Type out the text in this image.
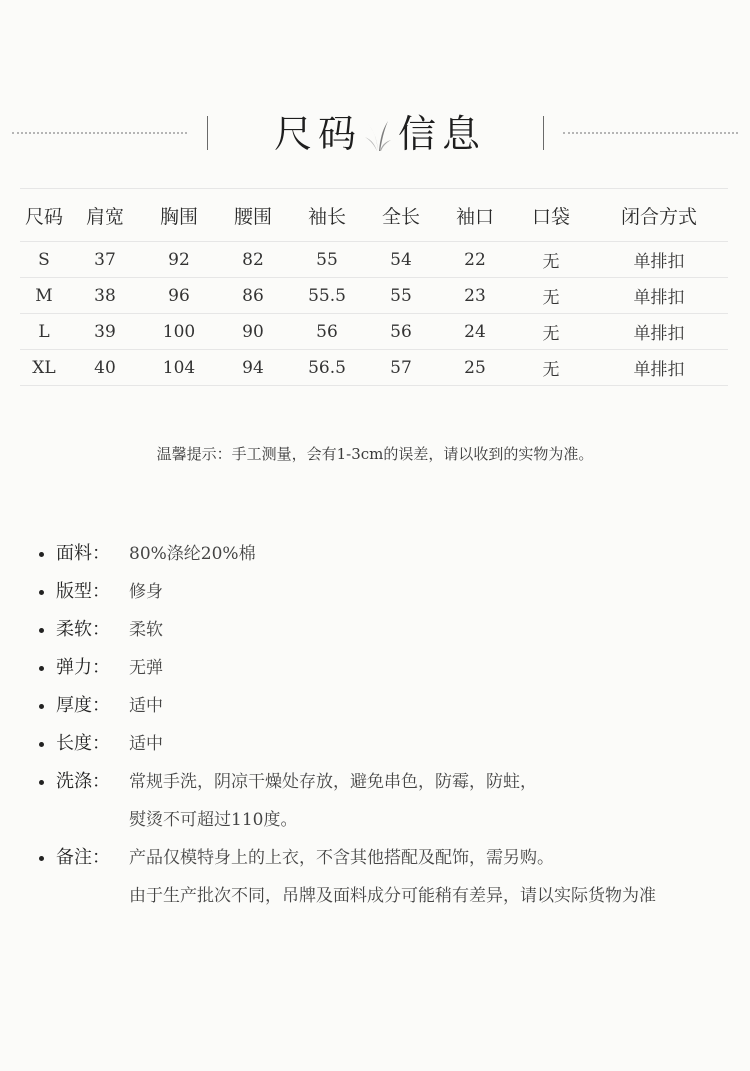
尺码 信息
尺码	肩宽	胸围	腰围	袖长	全长	袖口	口袋	闭合方式
S	37	92	82	55	54	22	无	单排扣
M	38	96	86	55.5	55	23	无	单排扣
L	39	100	90	56	56	24	无	单排扣
XL	40	104	94	56.5	57	25	无	单排扣
温馨提示：手工测量，会有1-3cm的误差，请以收到的实物为准。
面料：	80%涤纶20%棉
版型：	修身
柔软：	柔软
弹力：	无弹
厚度：	适中
长度：	适中
洗涤：	常规手洗，阴凉干燥处存放，避免串色，防霉，防蛀，
熨烫不可超过110度。
备注：	产品仅模特身上的上衣，不含其他搭配及配饰，需另购。
由于生产批次不同，吊牌及面料成分可能稍有差异，请以实际货物为准
